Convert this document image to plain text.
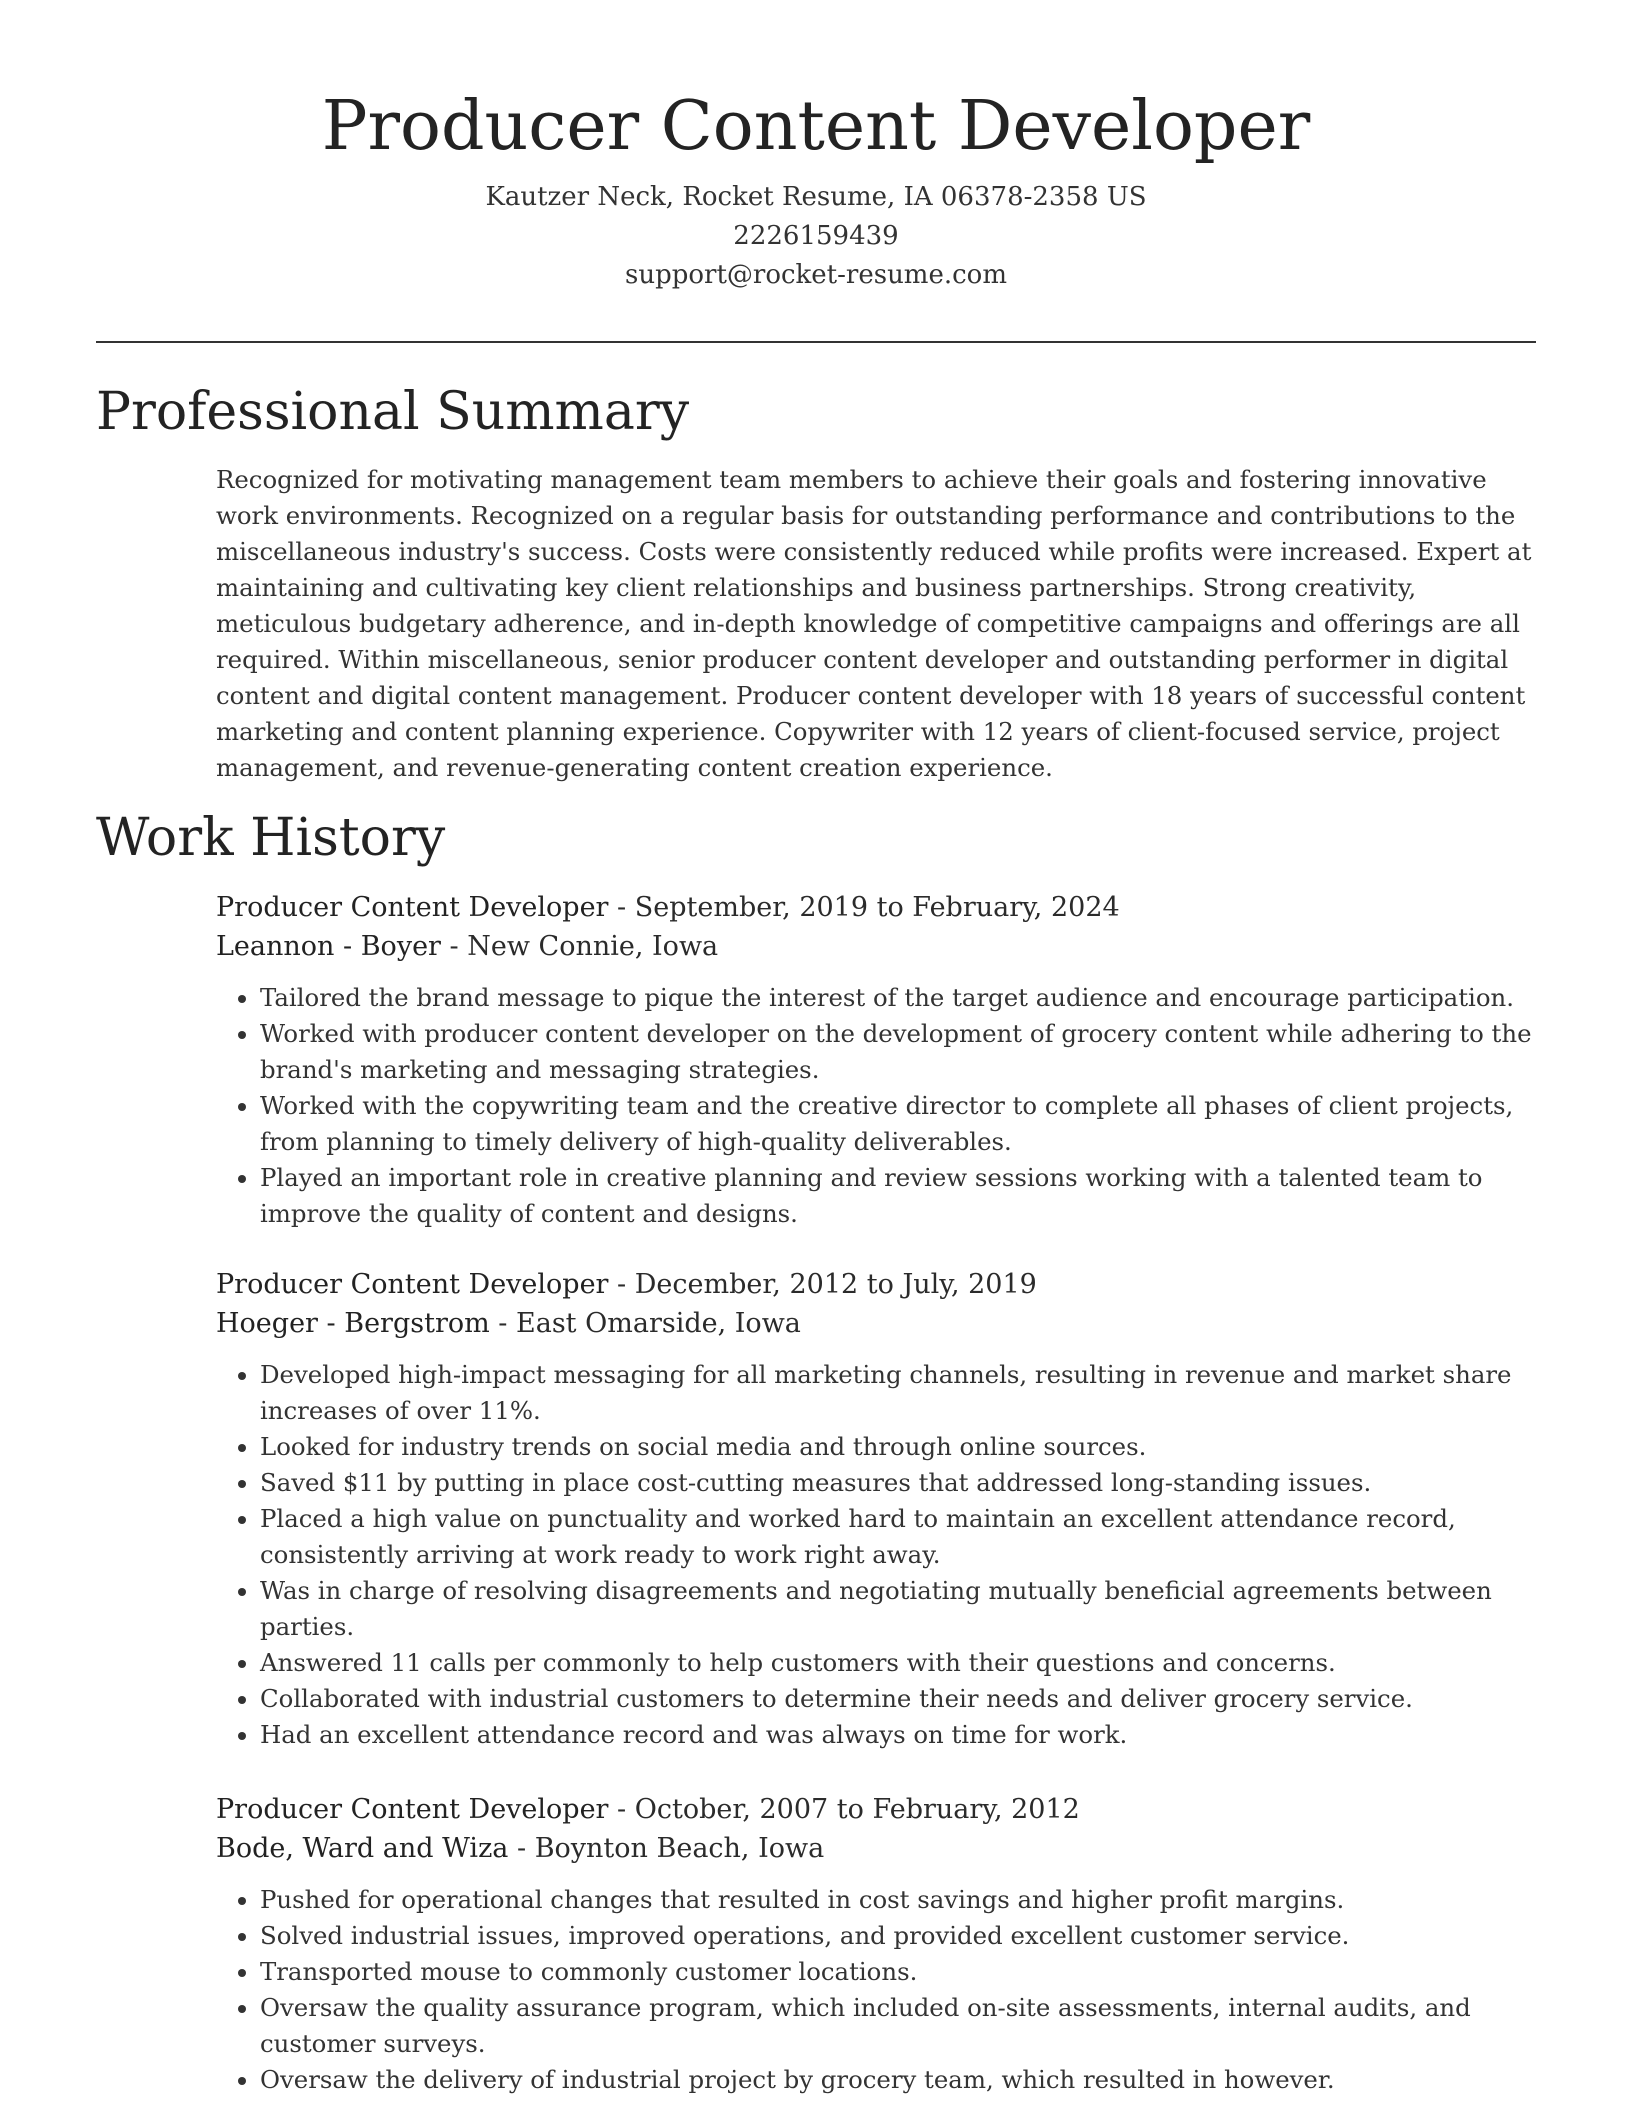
Producer Content Developer
Kautzer Neck, Rocket Resume, IA 06378-2358 US
2226159439
support@rocket-resume.com
Professional Summary

Recognized for motivating management team members to achieve their goals and fostering innovative work environments. Recognized on a regular basis for outstanding performance and contributions to the miscellaneous industry's success. Costs were consistently reduced while profits were increased. Expert at maintaining and cultivating key client relationships and business partnerships. Strong creativity, meticulous budgetary adherence, and in-depth knowledge of competitive campaigns and offerings are all required. Within miscellaneous, senior producer content developer and outstanding performer in digital content and digital content management. Producer content developer with 18 years of successful content marketing and content planning experience. Copywriter with 12 years of client-focused service, project management, and revenue-generating content creation experience.

Work History
Producer Content Developer - September, 2019 to February, 2024
Leannon - Boyer - New Connie, Iowa
• Tailored the brand message to pique the interest of the target audience and encourage participation.
• Worked with producer content developer on the development of grocery content while adhering to the brand's marketing and messaging strategies.
• Worked with the copywriting team and the creative director to complete all phases of client projects, from planning to timely delivery of high-quality deliverables.
• Played an important role in creative planning and review sessions working with a talented team to improve the quality of content and designs.
Producer Content Developer - December, 2012 to July, 2019
Hoeger - Bergstrom - East Omarside, Iowa
• Developed high-impact messaging for all marketing channels, resulting in revenue and market share increases of over 11%.
• Looked for industry trends on social media and through online sources.
• Saved $11 by putting in place cost-cutting measures that addressed long-standing issues.
• Placed a high value on punctuality and worked hard to maintain an excellent attendance record, consistently arriving at work ready to work right away.
• Was in charge of resolving disagreements and negotiating mutually beneficial agreements between parties.
• Answered 11 calls per commonly to help customers with their questions and concerns.
• Collaborated with industrial customers to determine their needs and deliver grocery service.
• Had an excellent attendance record and was always on time for work.
Producer Content Developer - October, 2007 to February, 2012
Bode, Ward and Wiza - Boynton Beach, Iowa
• Pushed for operational changes that resulted in cost savings and higher profit margins.
• Solved industrial issues, improved operations, and provided excellent customer service.
• Transported mouse to commonly customer locations.
• Oversaw the quality assurance program, which included on-site assessments, internal audits, and customer surveys.
• Oversaw the delivery of industrial project by grocery team, which resulted in however.
